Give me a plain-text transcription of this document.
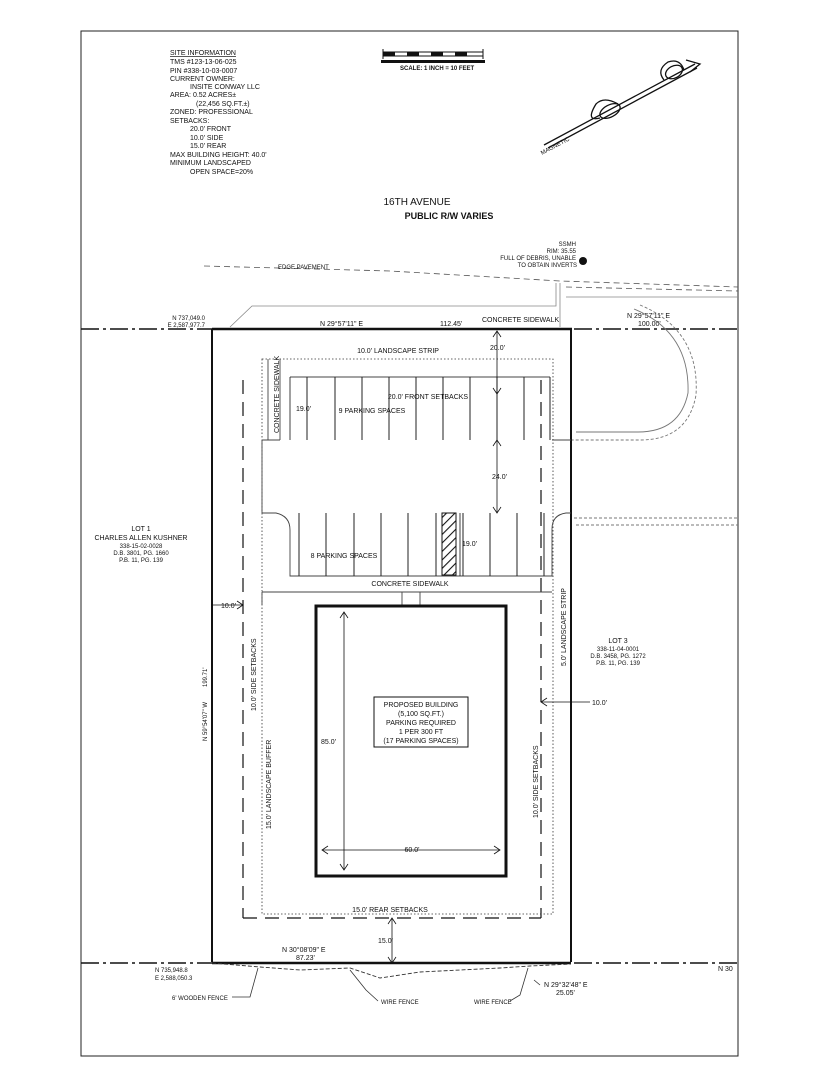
SITE INFORMATION
TMS #123-13-06-025
PIN #338-10-03-0007
CURRENT OWNER:
INSITE CONWAY LLC
AREA: 0.52 ACRES±
(22,456 SQ.FT.±)
ZONED: PROFESSIONAL
SETBACKS:
20.0' FRONT
10.0' SIDE
15.0' REAR
MAX BUILDING HEIGHT: 40.0'
MINIMUM LANDSCAPED
OPEN SPACE=20%
SCALE: 1 INCH = 10 FEET
MAGNETIC
16TH AVENUE
PUBLIC R/W VARIES
SSMH
RIM: 35.55
FULL OF DEBRIS, UNABLE
TO OBTAIN INVERTS
EDGE PAVEMENT
N 737,049.0
E 2,587,977.7	N 29°57'11" E	112.45'
CONCRETE SIDEWALK
N 29°57'11" E
100.00'
N 735,948.8
E 2,588,050.3
N 30°08'09" E
87.23'
N 29°32'48" E
25.05'
N 30
6' WOODEN FENCE
WIRE FENCE	WIRE FENCE
PROPOSED BUILDING
(5,100 SQ.FT.)
PARKING REQUIRED
1 PER 300 FT
(17 PARKING SPACES)
85.0'
60.0'
10.0' LANDSCAPE STRIP	20.0'
20.0' FRONT SETBACKS
CONCRETE SIDEWALK 19.0'	9 PARKING SPACES
24.0'
19.0'
8 PARKING SPACES
CONCRETE SIDEWALK
10.0'
10.0'
10.0' SIDE SETBACKS
10.0' SIDE SETBACKS
15.0' LANDSCAPE BUFFER
5.0' LANDSCAPE STRIP
N 59°54'07" W
199.71'
15.0' REAR SETBACKS
15.0'
LOT 1
CHARLES ALLEN KUSHNER
338-15-02-0028
D.B. 3801, PG. 1660
P.B. 11, PG. 139
LOT 3
338-11-04-0001
D.B. 3458, PG. 1272
P.B. 11, PG. 139
